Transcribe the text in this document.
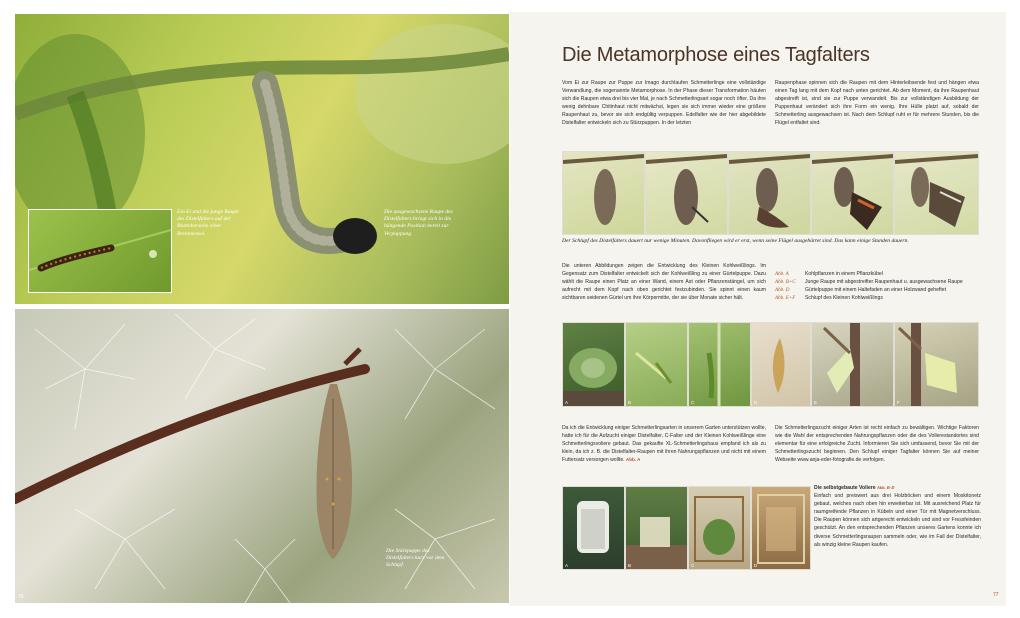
Ein Ei und die junge Raupe des Distelfalters auf der Blattoberseite einer Brennnessel.
Die ausgewachsene Raupe des Distelfalters bringt sich in die hängende Position bereit zur Verpuppung.
Die Stürzpuppe des Distelfalters kurz vor dem Schlupf.
76
Die Metamorphose eines Tagfalters
Vom Ei zur Raupe zur Puppe zur Imago durchlaufen Schmetterlinge eine vollständige Verwandlung, die sogenannte Metamorphose. In der Phase dieser Transformation häuten sich die Raupen etwa drei bis vier Mal, je nach Schmetterlingsart sogar noch öfter. Da ihre wenig dehnbare Chitinhaut nicht mitwächst, legen sie sich immer wieder eine größere Raupenhaut zu, bevor sie sich endgültig verpuppen. Edelfalter wie der hier abgebildete Distelfalter entwickeln sich zu Stürzpuppen. In der letzten
Raupenphase spinnen sich die Raupen mit dem Hinterleibsende fest und hängen etwa einen Tag lang mit dem Kopf nach unten gerichtet. Ab dem Moment, da ihre Raupenhaut abgestreift ist, sind sie zur Puppe verwandelt. Bis zur vollständigen Ausbildung der Puppenhaut verändert sich ihre Form ein wenig. Ihre Hülle platzt auf, sobald der Schmetterling ausgewachsen ist. Nach dem Schlupf ruht er für mehrere Stunden, bis die Flügel entfaltet sind.
Der Schlupf des Distelfalters dauert nur wenige Minuten. Davonfliegen wird er erst, wenn seine Flügel ausgehärtet sind. Das kann einige Stunden dauern.
Die unteren Abbildungen zeigen die Entwicklung des Kleinen Kohlweißlings. Im Gegensatz zum Distelfalter entwickelt sich der Kohlweißling zu einer Gürtelpuppe. Dazu wählt die Raupe einen Platz an einer Wand, einem Ast oder Pflanzenstängel, um sich aufrecht mit dem Kopf nach oben gerichtet festzubinden. Sie spinnt einen kaum sichtbaren seidenen Gürtel um ihre Körpermitte, der sie über Monate sicher hält.
Abb. A	Kohlpflanzen in einem Pflanzkübel
Abb. B+C Junge Raupe mit abgestreifter Raupenhaut u. ausgewachsene Raupe
Abb. D	Gürtelpuppe mit einem Haltefaden an einer Holzwand geheftet
Abb. E+F Schlupf des Kleinen Kohlweißlings
A	B	C	D	E	F
Da ich die Entwicklung einiger Schmetterlingsarten in unserem Garten unterstützen wollte, hatte ich für die Aufzucht einiger Distelfalter, C-Falter und der Kleinen Kohlweißlinge eine Schmetterlingsvoliere gebaut. Das gekaufte XL-Schmetterlingshaus empfand ich als zu klein, da ich z. B. die Distelfalter-Raupen mit ihren Nahrungspflanzen und nicht mit einem Futtersatz versorgen wollte. Abb. A
Die Schmetterlingszucht einiger Arten ist recht einfach zu bewältigen. Wichtige Faktoren wie die Wahl der entsprechenden Nahrungspflanzen oder die des Vollerestandortes sind elementar für eine erfolgreiche Zucht. Informieren Sie sich umfassend, bevor Sie mit der Schmetterlingszucht beginnen. Den Schlupf einiger Tagfalter können Sie auf meiner Webseite www.anja-eder-fotografie.de verfolgen.
A	B	C	D
Die selbstgebaute Voliere Abb. B-D
Einfach und preiswert aus drei Holzböcken und einem Moskitonetz gebaut, welches nach oben hin erweiterbar ist. Mit ausreichend Platz für raumgreifende Pflanzen in Kübeln und einer Tür mit Magnetverschluss. Die Raupen können sich artgerecht entwickeln und sind vor Fressfeinden geschützt. An den entsprechenden Pflanzen unseres Gartens konnte ich diverse Schmetterlingsraupen sammeln oder, wie im Fall der Distelfalter, als winzig kleine Raupen kaufen.
77
